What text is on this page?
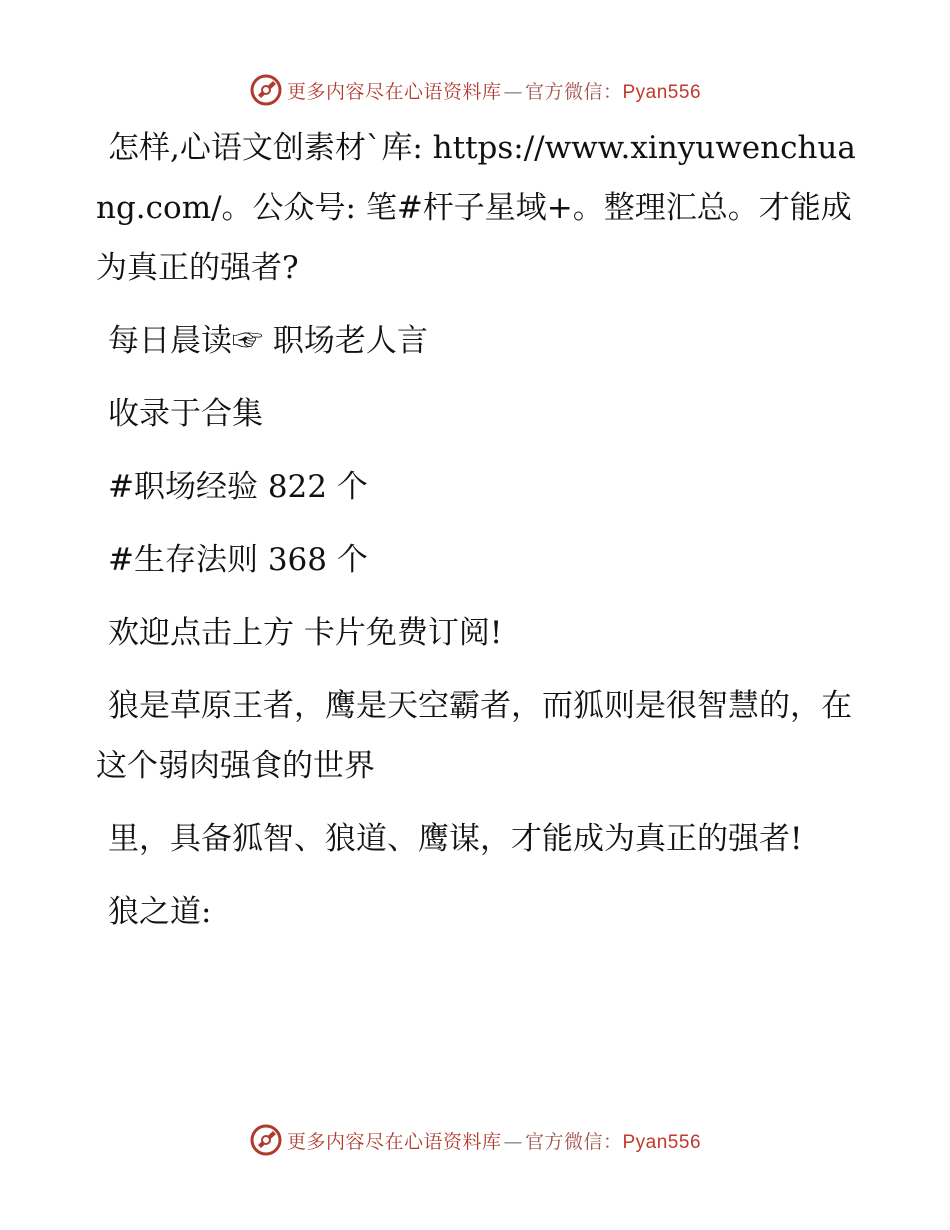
更多内容尽在心语资料库 — 官方微信：Pyan556

怎样,心语文创素材`库: https://www.xinyuwenchuang.com/。公众号: 笔#杆子星域+。整理汇总。才能成为真正的强者?

每日晨读☞ 职场老人言

收录于合集

#职场经验 822 个

#生存法则 368 个

欢迎点击上方 卡片免费订阅!

狼是草原王者，鹰是天空霸者，而狐则是很智慧的，在这个弱肉强食的世界

里，具备狐智、狼道、鹰谋，才能成为真正的强者!

狼之道:

更多内容尽在心语资料库 — 官方微信：Pyan556
